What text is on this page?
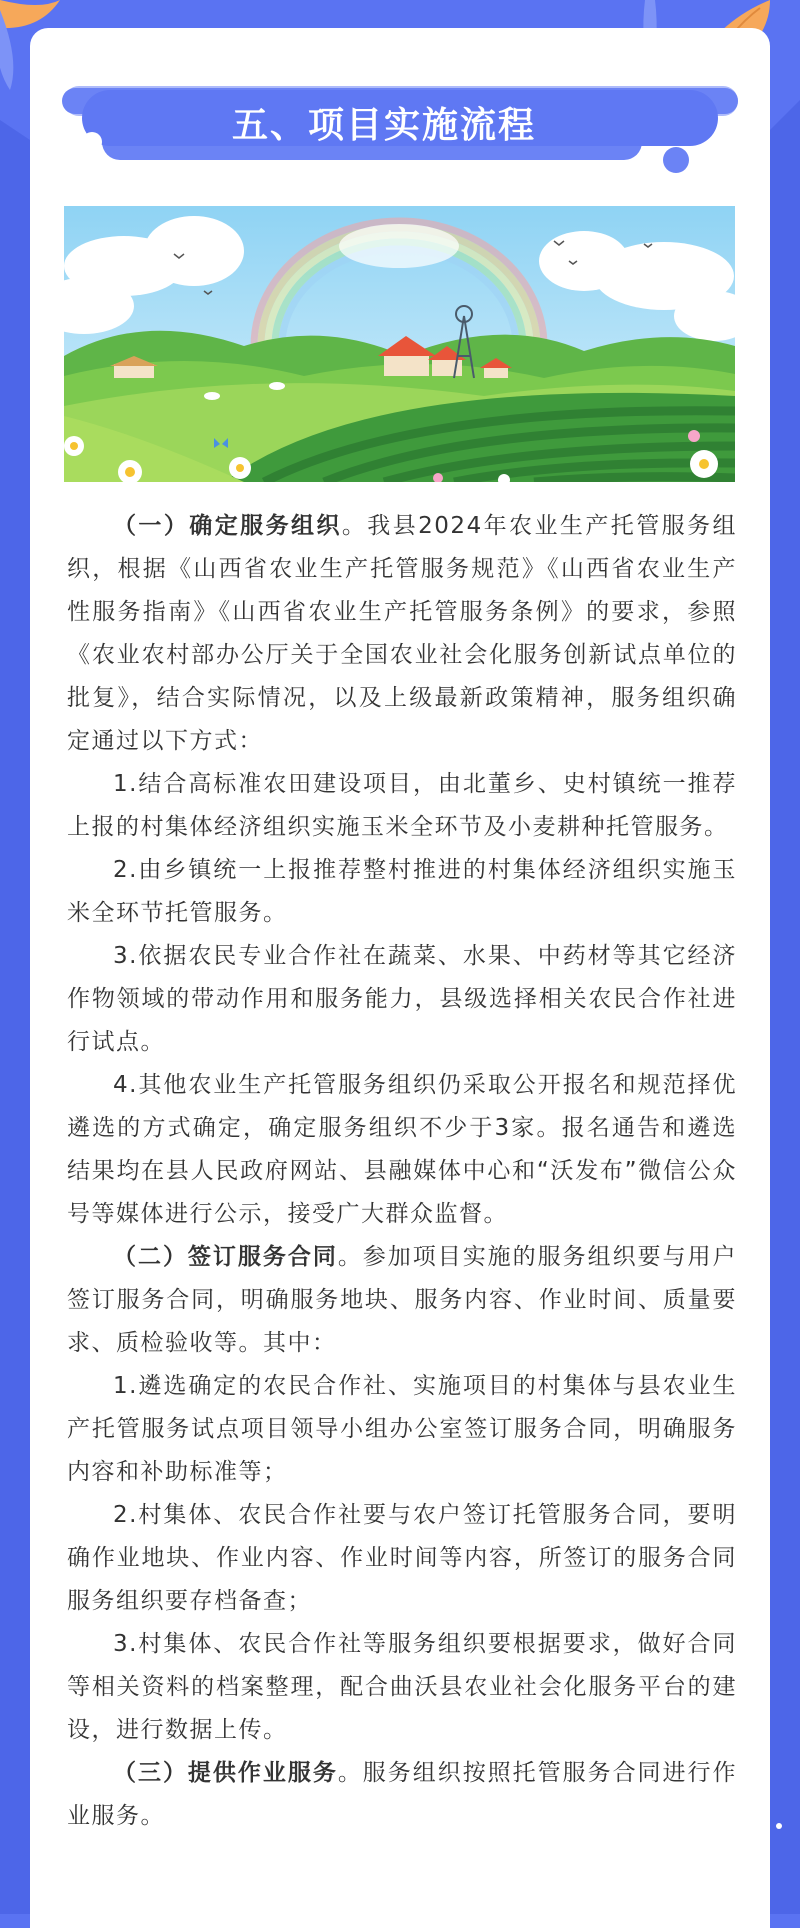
五、项目实施流程

（一）确定服务组织。我县2024年农业生产托管服务组织，根据《山西省农业生产托管服务规范》《山西省农业生产性服务指南》《山西省农业生产托管服务条例》的要求，参照《农业农村部办公厅关于全国农业社会化服务创新试点单位的批复》，结合实际情况，以及上级最新政策精神，服务组织确定通过以下方式：

1.结合高标准农田建设项目，由北董乡、史村镇统一推荐上报的村集体经济组织实施玉米全环节及小麦耕种托管服务。

2.由乡镇统一上报推荐整村推进的村集体经济组织实施玉米全环节托管服务。

3.依据农民专业合作社在蔬菜、水果、中药材等其它经济作物领域的带动作用和服务能力，县级选择相关农民合作社进行试点。

4.其他农业生产托管服务组织仍采取公开报名和规范择优遴选的方式确定，确定服务组织不少于3家。报名通告和遴选结果均在县人民政府网站、县融媒体中心和“沃发布”微信公众号等媒体进行公示，接受广大群众监督。

（二）签订服务合同。参加项目实施的服务组织要与用户签订服务合同，明确服务地块、服务内容、作业时间、质量要求、质检验收等。其中：

1.遴选确定的农民合作社、实施项目的村集体与县农业生产托管服务试点项目领导小组办公室签订服务合同，明确服务内容和补助标准等；

2.村集体、农民合作社要与农户签订托管服务合同，要明确作业地块、作业内容、作业时间等内容，所签订的服务合同服务组织要存档备查；

3.村集体、农民合作社等服务组织要根据要求，做好合同等相关资料的档案整理，配合曲沃县农业社会化服务平台的建设，进行数据上传。

（三）提供作业服务。服务组织按照托管服务合同进行作业服务。
